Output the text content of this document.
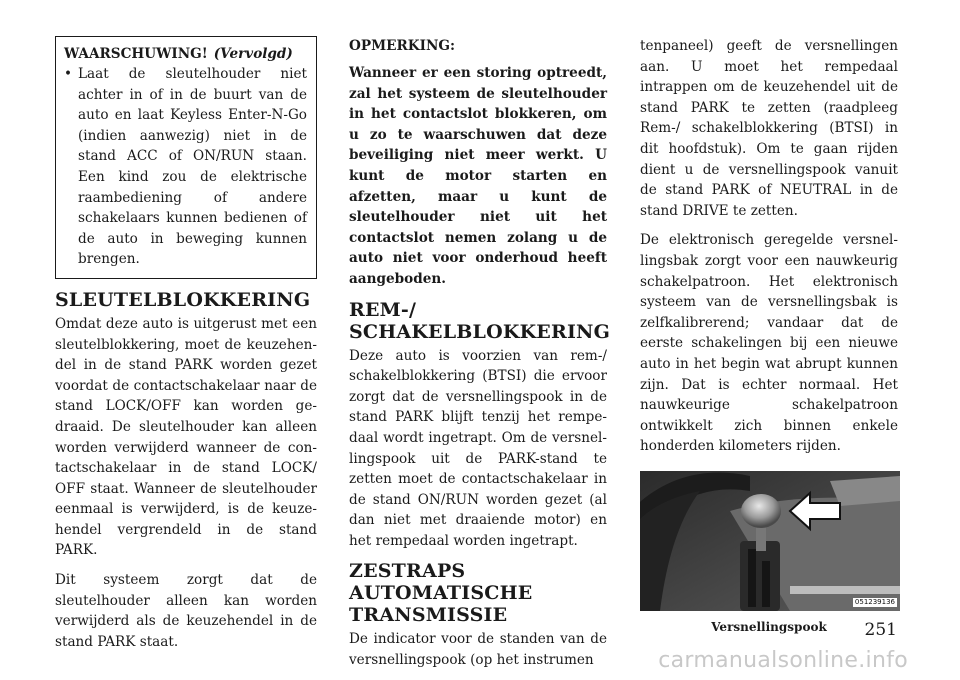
WAARSCHUWING! (Vervolgd)
• Laat de sleutelhouder niet achter in of in de buurt van de auto en laat Keyless Enter-N-Go (indien aanwezig) niet in de stand ACC of ON/RUN staan. Een kind zou de elektrische raambediening of andere schakelaars kunnen bedienen of de auto in beweging kunnen brengen.
SLEUTELBLOKKERING

Omdat deze auto is uitgerust met een sleutelblokkering, moet de keuzehendel in de stand PARK worden gezet voordat de contactschakelaar naar de stand LOCK/OFF kan worden gedraaid. De sleutelhouder kan alleen worden verwijderd wanneer de contactschakelaar in de stand LOCK/ OFF staat. Wanneer de sleutelhouder eenmaal is verwijderd, is de keuzehendel vergrendeld in de stand PARK.

Dit systeem zorgt dat de sleutelhouder alleen kan worden verwijderd als de keuzehendel in de stand PARK staat.

OPMERKING:

Wanneer er een storing optreedt, zal het systeem de sleutelhouder in het contactslot blokkeren, om u zo te waarschuwen dat deze beveiliging niet meer werkt. U kunt de motor starten en afzetten, maar u kunt de sleutelhouder niet uit het contactslot nemen zolang u de auto niet voor onderhoud heeft aangeboden.

REM-/
SCHAKELBLOKKERING

Deze auto is voorzien van rem-/ schakelblokkering (BTSI) die ervoor zorgt dat de versnellingspook in de stand PARK blijft tenzij het rempedaal wordt ingetrapt. Om de versnellingspook uit de PARK-stand te zetten moet de contactschakelaar in de stand ON/RUN worden gezet (al dan niet met draaiende motor) en het rempedaal worden ingetrapt.

ZESTRAPS
AUTOMATISCHE
TRANSMISSIE

De indicator voor de standen van de versnellingspook (op het instrumen

tenpaneel) geeft de versnellingen aan. U moet het rempedaal intrappen om de keuzehendel uit de stand PARK te zetten (raadpleeg Rem-/ schakelblokkering (BTSI) in dit hoofdstuk). Om te gaan rijden dient u de versnellingspook vanuit de stand PARK of NEUTRAL in de stand DRIVE te zetten.

De elektronisch geregelde versnellingsbak zorgt voor een nauwkeurig schakelpatroon. Het elektronisch systeem van de versnellingsbak is zelfkalibrerend; vandaar dat de eerste schakelingen bij een nieuwe auto in het begin wat abrupt kunnen zijn. Dat is echter normaal. Het nauwkeurige schakelpatroon ontwikkelt zich binnen enkele honderden kilometers rijden.

051239136
Versnellingspook	251
carmanualsonline.info
